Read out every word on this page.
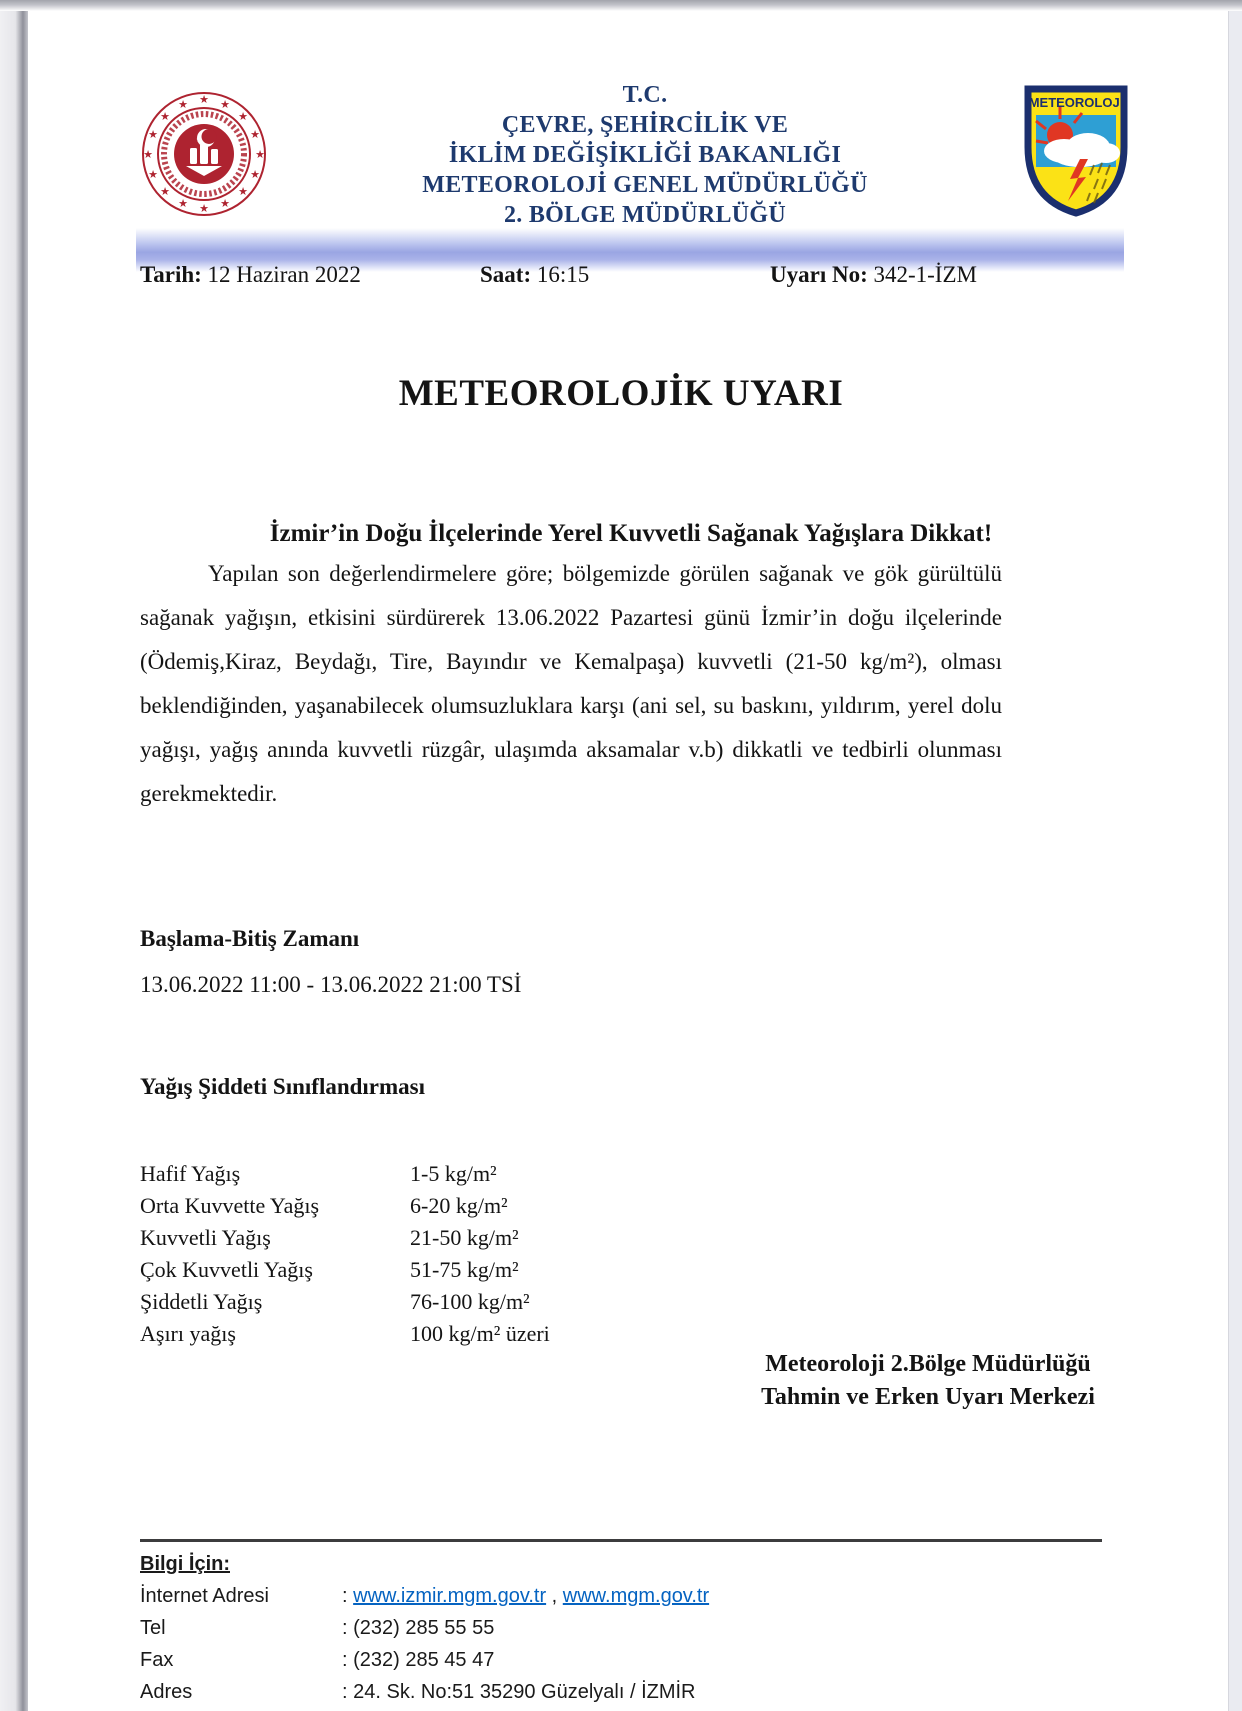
★ ★
★
★
★
★
★
★
★
★
★
★
★
★
★
★
★
T.C.
ÇEVRE, ŞEHİRCİLİK VE
İKLİM DEĞİŞİKLİĞİ BAKANLIĞI
METEOROLOJİ GENEL MÜDÜRLÜĞÜ
2. BÖLGE MÜDÜRLÜĞÜ
METEOROLOJİ
Tarih: 12 Haziran 2022	Saat: 16:15	Uyarı No: 342-1-İZM
METEOROLOJİK UYARI
İzmir’in Doğu İlçelerinde Yerel Kuvvetli Sağanak Yağışlara Dikkat!

Yapılan son değerlendirmelere göre; bölgemizde görülen sağanak ve gök gürültülü sağanak yağışın, etkisini sürdürerek 13.06.2022 Pazartesi günü İzmir’in doğu ilçelerinde (Ödemiş,Kiraz, Beydağı, Tire, Bayındır ve Kemalpaşa) kuvvetli (21-50 kg/m²), olması beklendiğinden, yaşanabilecek olumsuzluklara karşı (ani sel, su baskını, yıldırım, yerel dolu yağışı, yağış anında kuvvetli rüzgâr, ulaşımda aksamalar v.b) dikkatli ve tedbirli olunması gerekmektedir.

Başlama-Bitiş Zamanı
13.06.2022 11:00 - 13.06.2022 21:00 TSİ
Yağış Şiddeti Sınıflandırması
Hafif Yağış	1-5 kg/m²
Orta Kuvvette Yağış	6-20 kg/m²
Kuvvetli Yağış	21-50 kg/m²
Çok Kuvvetli Yağış	51-75 kg/m²
Şiddetli Yağış	76-100 kg/m²
Aşırı yağış	100 kg/m² üzeri
Meteoroloji 2.Bölge Müdürlüğü
Tahmin ve Erken Uyarı Merkezi
Bilgi İçin:
İnternet Adresi	: www.izmir.mgm.gov.tr , www.mgm.gov.tr
Tel	: (232) 285 55 55
Fax	: (232) 285 45 47
Adres	: 24. Sk. No:51 35290 Güzelyalı / İZMİR
